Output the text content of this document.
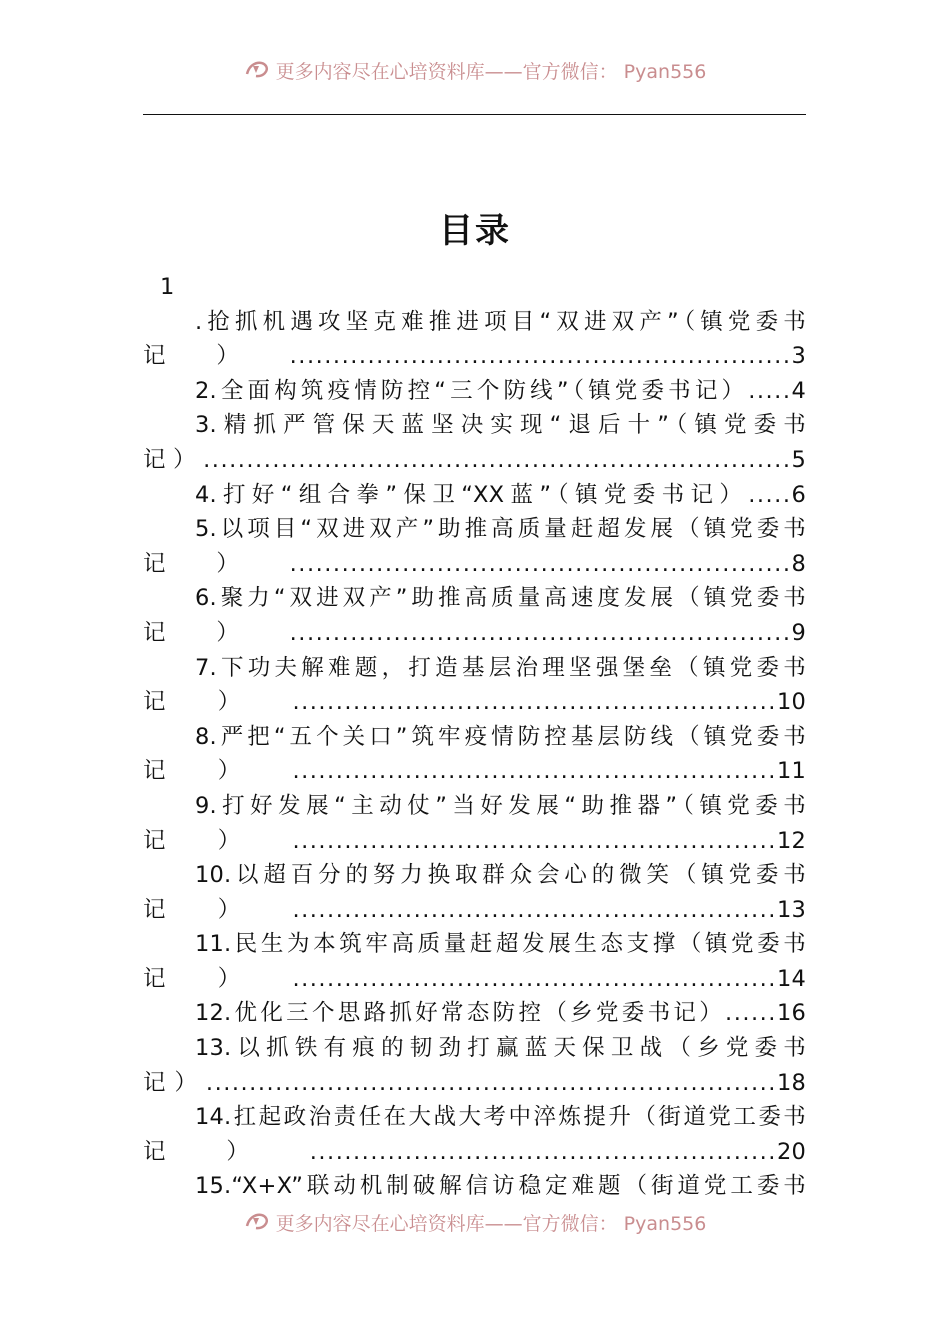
更多内容尽在心培资料库——官方微信： Pyan556
目录
1
.抢抓机遇攻坚克难推进项目“双进双产”（镇党委书记）..........................................................3
2.全面构筑疫情防控“三个防线”（镇党委书记）.....4
3.精抓严管保天蓝坚决实现“退后十”（镇党委书记）....................................................................5
4.打好“组合拳”保卫“XX蓝”（镇党委书记）.....6
5.以项目“双进双产”助推高质量赶超发展（镇党委书记）..........................................................8
6.聚力“双进双产”助推高质量高速度发展（镇党委书记）..........................................................9
7.下功夫解难题，打造基层治理坚强堡垒（镇党委书记）........................................................10
8.严把“五个关口”筑牢疫情防控基层防线（镇党委书记）........................................................11
9.打好发展“主动仗”当好发展“助推器”（镇党委书记）........................................................12
10.以超百分的努力换取群众会心的微笑（镇党委书记）........................................................13
11.民生为本筑牢高质量赶超发展生态支撑（镇党委书记）........................................................14
12.优化三个思路抓好常态防控（乡党委书记）......16
13.以抓铁有痕的韧劲打赢蓝天保卫战（乡党委书记）..................................................................18
14.扛起政治责任在大战大考中淬炼提升（街道党工委书记）......................................................20
15.“X+X”联动机制破解信访稳定难题（街道党工委书
更多内容尽在心培资料库——官方微信： Pyan556
